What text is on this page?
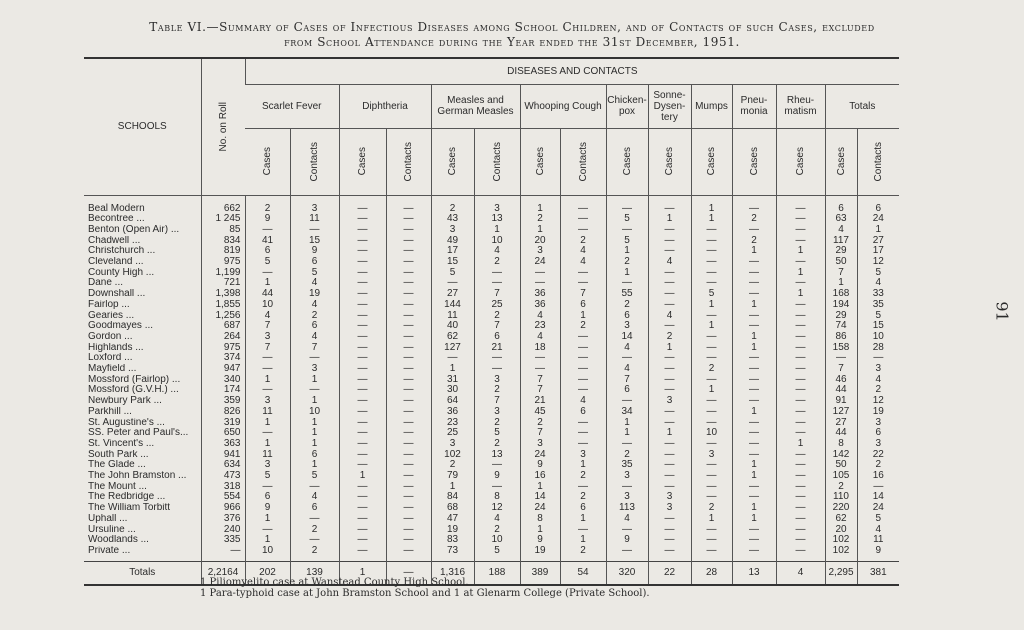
Table VI.—Summary of Cases of Infectious Diseases among School Children, and of Contacts of such Cases, excluded
from School Attendance during the Year ended the 31st December, 1951.
SCHOOLS	No. on Roll	DISEASES AND CONTACTS														
		Scarlet Fever		Diphtheria		Measles and German Measles		Whooping Cough		Chicken-pox	Sonne-Dysen-tery	Mumps	Pneu-monia	Rheu-matism	Totals	

		Cases	Contacts	Cases	Contacts	Cases	Contacts	Cases	Contacts	Cases	Cases	Cases	Cases	Cases	Cases	Contacts

Beal Modern	662	2	3	—	—	2	3	1	—	—	—	1	—	—	6	6
Becontree ...	1 245	9	11	—	—	43	13	2	—	5	1	1	2	—	63	24
Benton (Open Air) ...	85	—	—	—	—	3	1	1	—	—	—	—	—	—	4	1
Chadwell ...	834	41	15	—	—	49	10	20	2	5	—	—	2	—	117	27
Christchurch ...	819	6	9	—	—	17	4	3	4	1	—	—	1	1	29	17
Cleveland ...	975	5	6	—	—	15	2	24	4	2	4	—	—	—	50	12
County High ...	1,199	—	5	—	—	5	—	—	—	1	—	—	—	1	7	5
Dane ...	721	1	4	—	—	—	—	—	—	—	—	—	—	—	1	4
Downshall ...	1,398	44	19	—	—	27	7	36	7	55	—	5	—	1	168	33
Fairlop ...	1,855	10	4	—	—	144	25	36	6	2	—	1	1	—	194	35
Gearies ...	1,256	4	2	—	—	11	2	4	1	6	4	—	—	—	29	5
Goodmayes ...	687	7	6	—	—	40	7	23	2	3	—	1	—	—	74	15
Gordon ...	264	3	4	—	—	62	6	4	—	14	2	—	1	—	86	10
Highlands ...	975	7	7	—	—	127	21	18	—	4	1	—	1	—	158	28
Loxford ...	374	—	—	—	—	—	—	—	—	—	—	—	—	—	—	—
Mayfield ...	947	—	3	—	—	1	—	—	—	4	—	2	—	—	7	3
Mossford (Fairlop) ...	340	1	1	—	—	31	3	7	—	7	—	—	—	—	46	4
Mossford (G.V.H.) ...	174	—	—	—	—	30	2	7	—	6	—	1	—	—	44	2
Newbury Park ...	359	3	1	—	—	64	7	21	4	—	3	—	—	—	91	12
Parkhill ...	826	11	10	—	—	36	3	45	6	34	—	—	1	—	127	19
St. Augustine's ...	319	1	1	—	—	23	2	2	—	1	—	—	—	—	27	3
SS. Peter and Paul's...	650	—	1	—	—	25	5	7	—	1	1	10	—	—	44	6
St. Vincent's ...	363	1	1	—	—	3	2	3	—	—	—	—	—	1	8	3
South Park ...	941	11	6	—	—	102	13	24	3	2	—	3	—	—	142	22
The Glade ...	634	3	1	—	—	2	—	9	1	35	—	—	1	—	50	2
The John Bramston ...	473	5	5	1	—	79	9	16	2	3	—	—	1	—	105	16
The Mount ...	318	—	—	—	—	1	—	1	—	—	—	—	—	—	2	—
The Redbridge ...	554	6	4	—	—	84	8	14	2	3	3	—	—	—	110	14
The William Torbitt	966	9	6	—	—	68	12	24	6	113	3	2	1	—	220	24
Uphall ...	376	1	—	—	—	47	4	8	1	4	—	1	1	—	62	5
Ursuline ...	240	—	2	—	—	19	2	1	—	—	—	—	—	—	20	4
Woodlands ...	335	1	—	—	—	83	10	9	1	9	—	—	—	—	102	11
Private ...	—	10	2	—	—	73	5	19	2	—	—	—	—	—	102	9
Totals	2,2164	202	139	1	—	1,316	188	389	54	320	22	28	13	4	2,295	381
1 Piliomyelito case at Wanstead County High School.
1 Para-typhoid case at John Bramston School and 1 at Glenarm College (Private School).
91
